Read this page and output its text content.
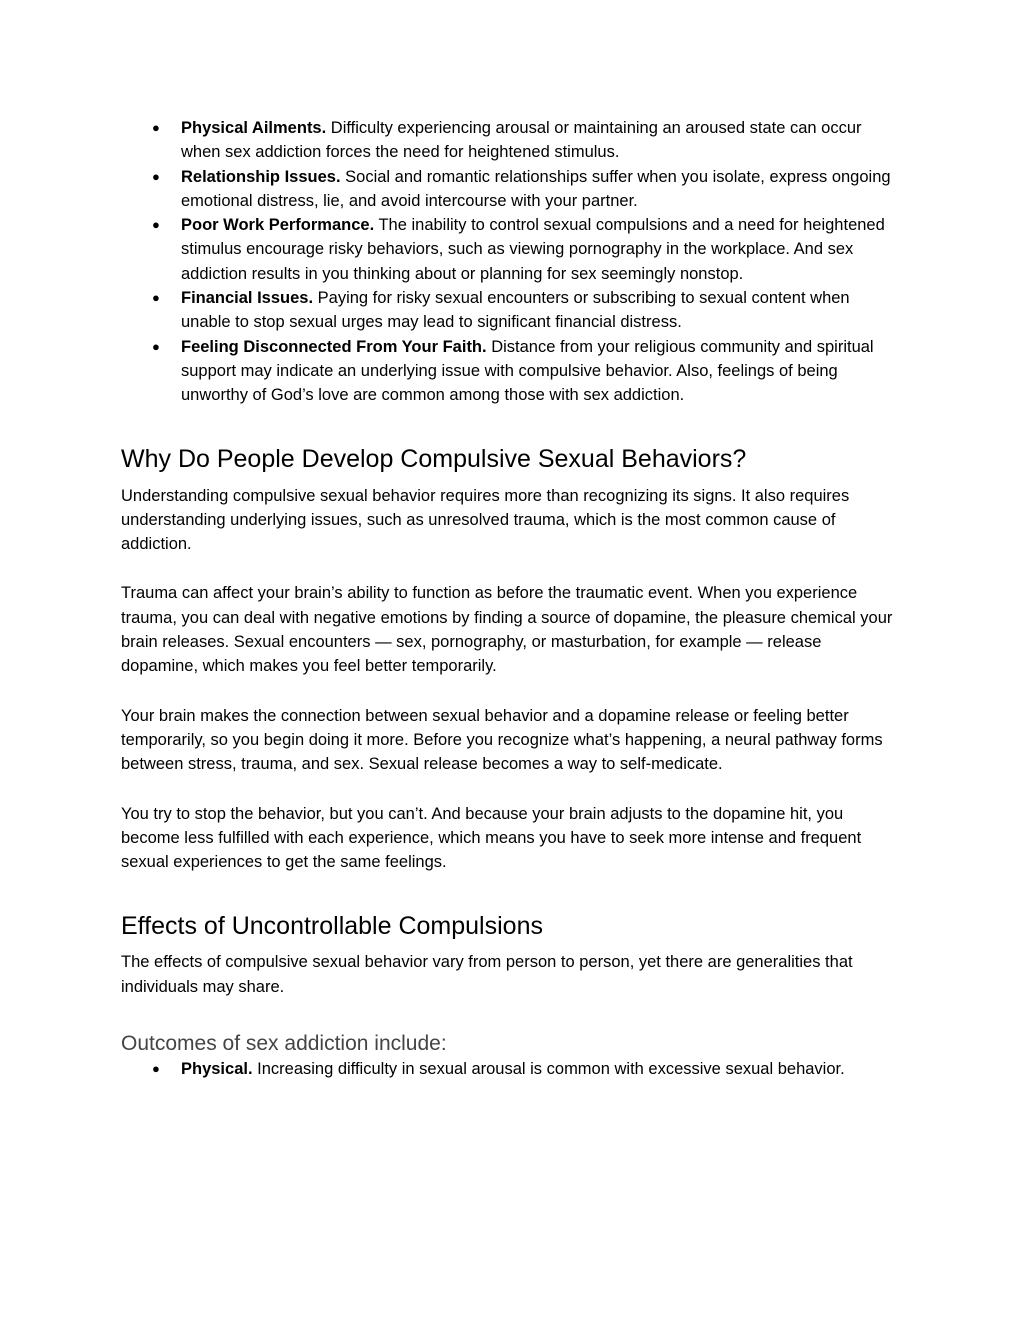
● Physical Ailments. Difficulty experiencing arousal or maintaining an aroused state can occur when sex addiction forces the need for heightened stimulus.
● Relationship Issues. Social and romantic relationships suffer when you isolate, express ongoing emotional distress, lie, and avoid intercourse with your partner.
● Poor Work Performance. The inability to control sexual compulsions and a need for heightened stimulus encourage risky behaviors, such as viewing pornography in the workplace. And sex addiction results in you thinking about or planning for sex seemingly nonstop.
● Financial Issues. Paying for risky sexual encounters or subscribing to sexual content when unable to stop sexual urges may lead to significant financial distress.
● Feeling Disconnected From Your Faith. Distance from your religious community and spiritual support may indicate an underlying issue with compulsive behavior. Also, feelings of being unworthy of God’s love are common among those with sex addiction.
Why Do People Develop Compulsive Sexual Behaviors?

Understanding compulsive sexual behavior requires more than recognizing its signs. It also requires understanding underlying issues, such as unresolved trauma, which is the most common cause of addiction.

Trauma can affect your brain’s ability to function as before the traumatic event. When you experience trauma, you can deal with negative emotions by finding a source of dopamine, the pleasure chemical your brain releases. Sexual encounters — sex, pornography, or masturbation, for example — release dopamine, which makes you feel better temporarily.

Your brain makes the connection between sexual behavior and a dopamine release or feeling better temporarily, so you begin doing it more. Before you recognize what’s happening, a neural pathway forms between stress, trauma, and sex. Sexual release becomes a way to self-medicate.

You try to stop the behavior, but you can’t. And because your brain adjusts to the dopamine hit, you become less fulfilled with each experience, which means you have to seek more intense and frequent sexual experiences to get the same feelings.

Effects of Uncontrollable Compulsions

The effects of compulsive sexual behavior vary from person to person, yet there are generalities that individuals may share.

Outcomes of sex addiction include:
● Physical. Increasing difficulty in sexual arousal is common with excessive sexual behavior.
